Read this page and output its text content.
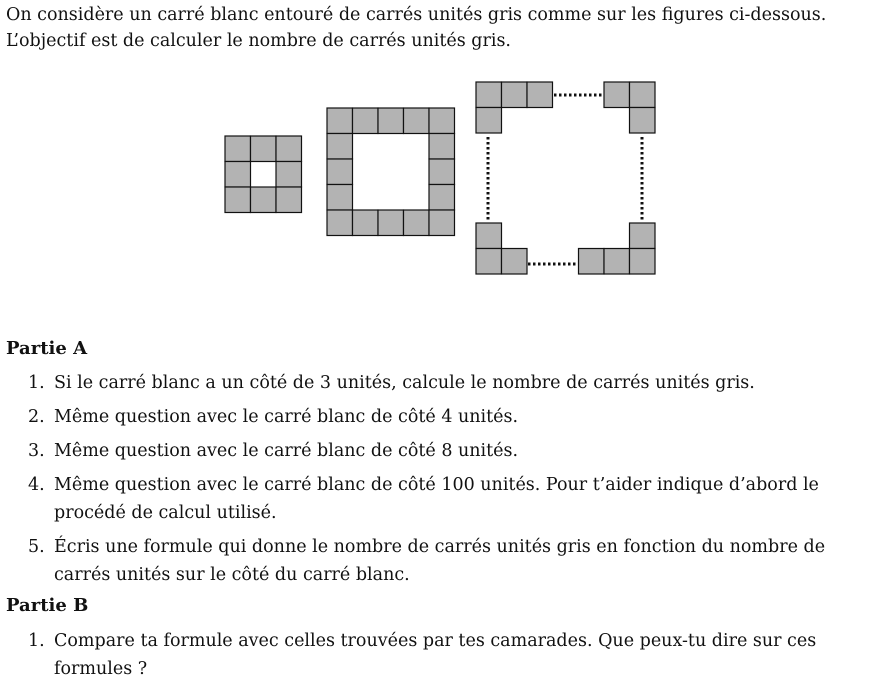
On considère un carré blanc entouré de carrés unités gris comme sur les figures ci-dessous. L’objectif est de calculer le nombre de carrés unités gris.

Partie A

1. Si le carré blanc a un côté de 3 unités, calcule le nombre de carrés unités gris.
2. Même question avec le carré blanc de côté 4 unités.
3. Même question avec le carré blanc de côté 8 unités.
4. Même question avec le carré blanc de côté 100 unités. Pour t’aider indique d’abord le procédé de calcul utilisé.
5. Écris une formule qui donne le nombre de carrés unités gris en fonction du nombre de carrés unités sur le côté du carré blanc.

Partie B

1. Compare ta formule avec celles trouvées par tes camarades. Que peux-tu dire sur ces formules ?
